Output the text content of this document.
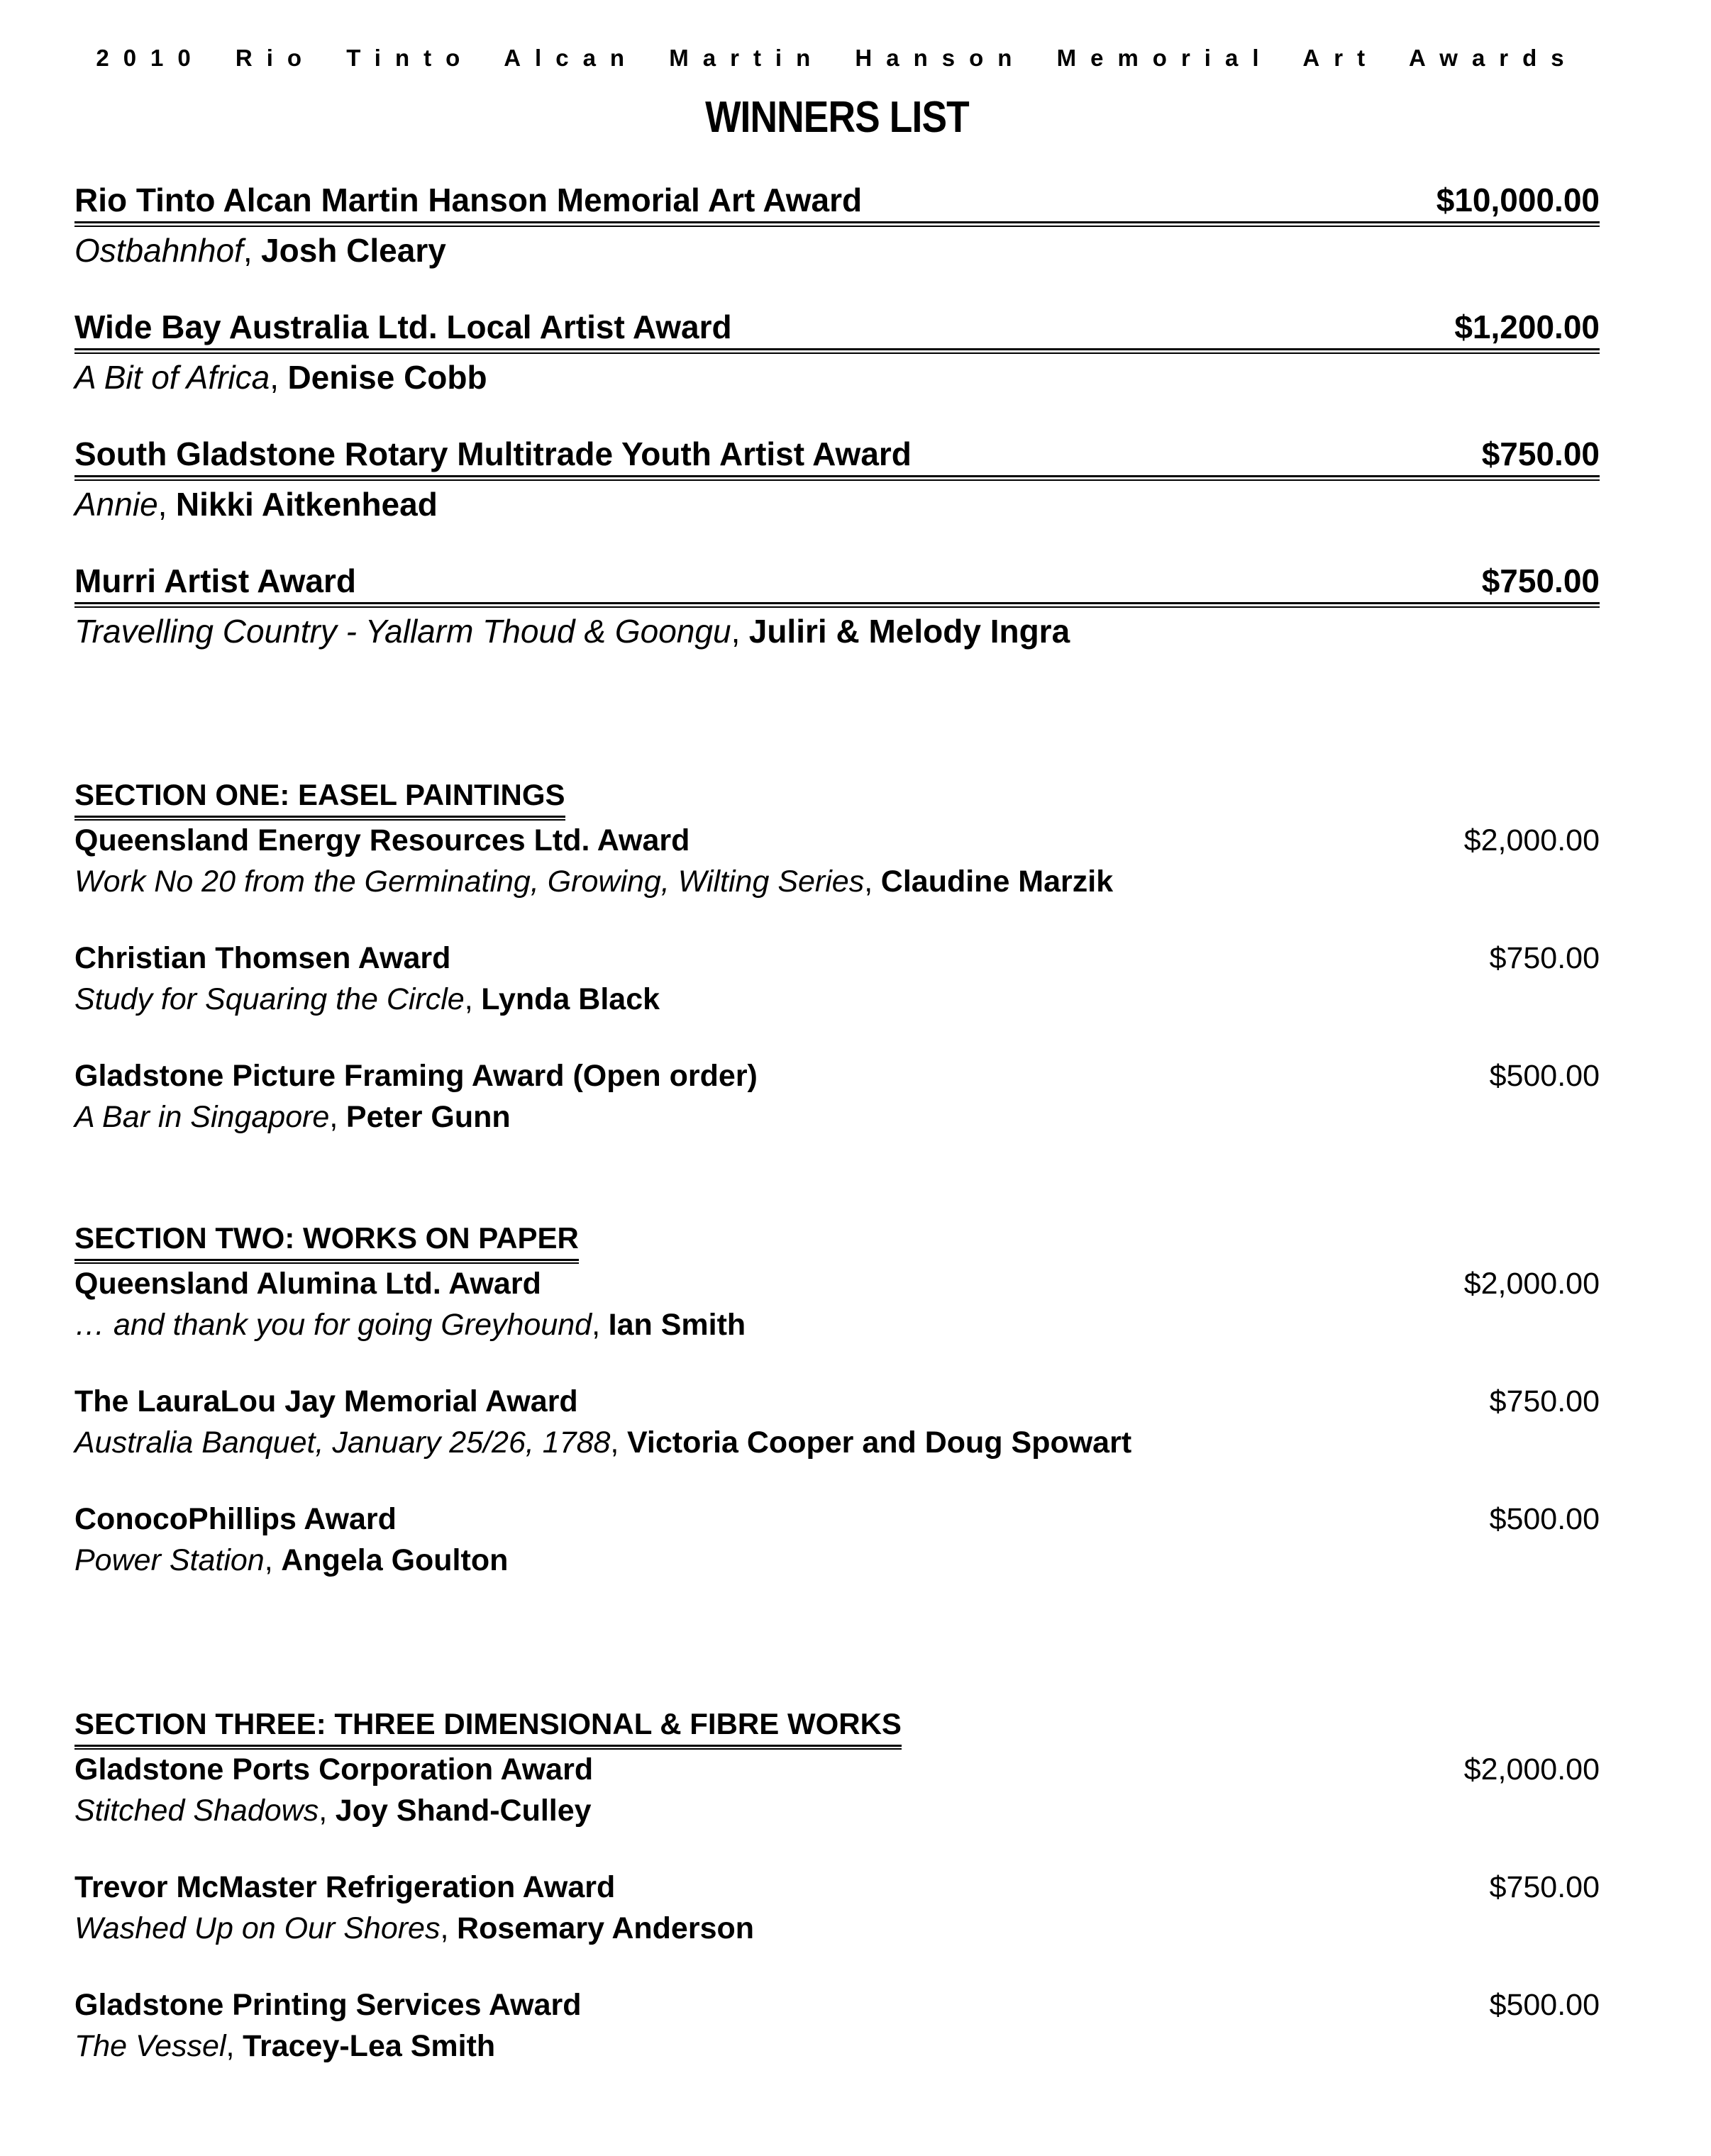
2010 Rio Tinto Alcan Martin Hanson Memorial Art Awards
WINNERS LIST
Rio Tinto Alcan Martin Hanson Memorial Art Award	$10,000.00
Ostbahnhof, Josh Cleary
Wide Bay Australia Ltd. Local Artist Award	$1,200.00
A Bit of Africa, Denise Cobb
South Gladstone Rotary Multitrade Youth Artist Award	$750.00
Annie, Nikki Aitkenhead
Murri Artist Award	$750.00
Travelling Country - Yallarm Thoud & Goongu, Juliri & Melody Ingra
SECTION ONE: EASEL PAINTINGS
Queensland Energy Resources Ltd. Award	$2,000.00
Work No 20 from the Germinating, Growing, Wilting Series, Claudine Marzik
Christian Thomsen Award	$750.00
Study for Squaring the Circle, Lynda Black
Gladstone Picture Framing Award (Open order)	$500.00
A Bar in Singapore, Peter Gunn
SECTION TWO: WORKS ON PAPER
Queensland Alumina Ltd. Award	$2,000.00
… and thank you for going Greyhound, Ian Smith
The LauraLou Jay Memorial Award	$750.00
Australia Banquet, January 25/26, 1788, Victoria Cooper and Doug Spowart
ConocoPhillips Award	$500.00
Power Station, Angela Goulton
SECTION THREE: THREE DIMENSIONAL & FIBRE WORKS
Gladstone Ports Corporation Award	$2,000.00
Stitched Shadows, Joy Shand-Culley
Trevor McMaster Refrigeration Award	$750.00
Washed Up on Our Shores, Rosemary Anderson
Gladstone Printing Services Award	$500.00
The Vessel, Tracey-Lea Smith
